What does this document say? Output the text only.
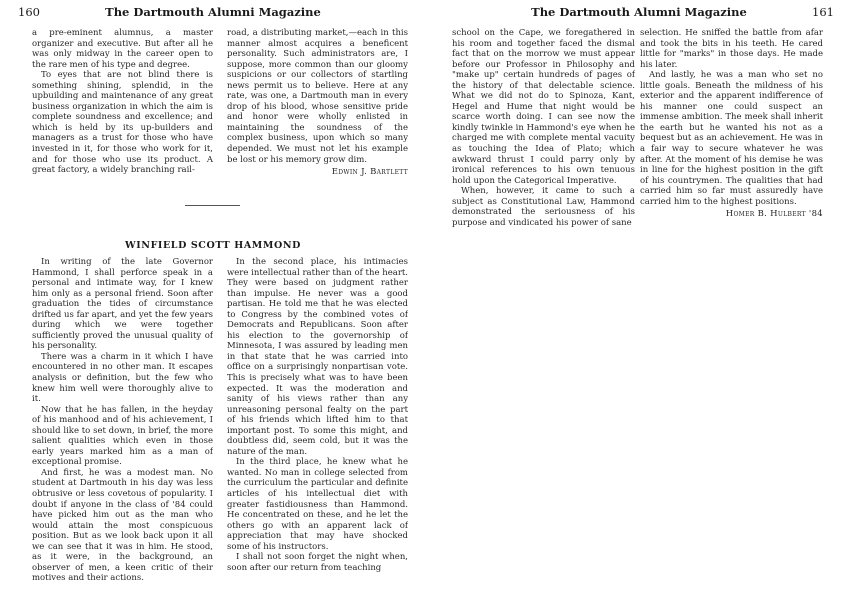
160	The Dartmouth Alumni Magazine

a pre-eminent alumnus, a master organizer and executive. But after all he was only midway in the career open to the rare men of his type and degree.

To eyes that are not blind there is something shining, splendid, in the upbuilding and maintenance of any great business organization in which the aim is complete soundness and excellence; and which is held by its up-builders and managers as a trust for those who have invested in it, for those who work for it, and for those who use its product. A great factory, a widely branching rail-

road, a distributing market,—each in this manner almost acquires a beneficent personality. Such administrators are, I suppose, more common than our gloomy suspicions or our collectors of startling news permit us to believe. Here at any rate, was one, a Dartmouth man in every drop of his blood, whose sensitive pride and honor were wholly enlisted in maintaining the soundness of the complex business, upon which so many depended. We must not let his example be lost or his memory grow dim.

Edwin J. Bartlett
WINFIELD SCOTT HAMMOND

In writing of the late Governor Hammond, I shall perforce speak in a personal and intimate way, for I knew him only as a personal friend. Soon after graduation the tides of circumstance drifted us far apart, and yet the few years during which we were together sufficiently proved the unusual quality of his personality.

There was a charm in it which I have encountered in no other man. It escapes analysis or definition, but the few who knew him well were thoroughly alive to it.

Now that he has fallen, in the heyday of his manhood and of his achievement, I should like to set down, in brief, the more salient qualities which even in those early years marked him as a man of exceptional promise.

And first, he was a modest man. No student at Dartmouth in his day was less obtrusive or less covetous of popularity. I doubt if anyone in the class of '84 could have picked him out as the man who would attain the most conspicuous position. But as we look back upon it all we can see that it was in him. He stood, as it were, in the background, an observer of men, a keen critic of their motives and their actions.

In the second place, his intimacies were intellectual rather than of the heart. They were based on judgment rather than impulse. He never was a good partisan. He told me that he was elected to Congress by the combined votes of Democrats and Republicans. Soon after his election to the governorship of Minnesota, I was assured by leading men in that state that he was carried into office on a surprisingly nonpartisan vote. This is precisely what was to have been expected. It was the moderation and sanity of his views rather than any unreasoning personal fealty on the part of his friends which lifted him to that important post. To some this might, and doubtless did, seem cold, but it was the nature of the man.

In the third place, he knew what he wanted. No man in college selected from the curriculum the particular and definite articles of his intellectual diet with greater fastidiousness than Hammond. He concentrated on these, and he let the others go with an apparent lack of appreciation that may have shocked some of his instructors.

I shall not soon forget the night when, soon after our return from teaching

The Dartmouth Alumni Magazine	161

school on the Cape, we foregathered in his room and together faced the dismal fact that on the morrow we must appear before our Professor in Philosophy and "make up" certain hundreds of pages of the history of that delectable science. What we did not do to Spinoza, Kant, Hegel and Hume that night would be scarce worth doing. I can see now the kindly twinkle in Hammond's eye when he charged me with complete mental vacuity as touching the Idea of Plato; which awkward thrust I could parry only by ironical references to his own tenuous hold upon the Categorical Imperative.

When, however, it came to such a subject as Constitutional Law, Hammond demonstrated the seriousness of his purpose and vindicated his power of sane

selection. He sniffed the battle from afar and took the bits in his teeth. He cared little for "marks" in those days. He made his later.

And lastly, he was a man who set no little goals. Beneath the mildness of his exterior and the apparent indifference of his manner one could suspect an immense ambition. The meek shall inherit the earth but he wanted his not as a bequest but as an achievement. He was in a fair way to secure whatever he was after. At the moment of his demise he was in line for the highest position in the gift of his countrymen. The qualities that had carried him so far must assuredly have carried him to the highest positions.

Homer B. Hulbert '84
